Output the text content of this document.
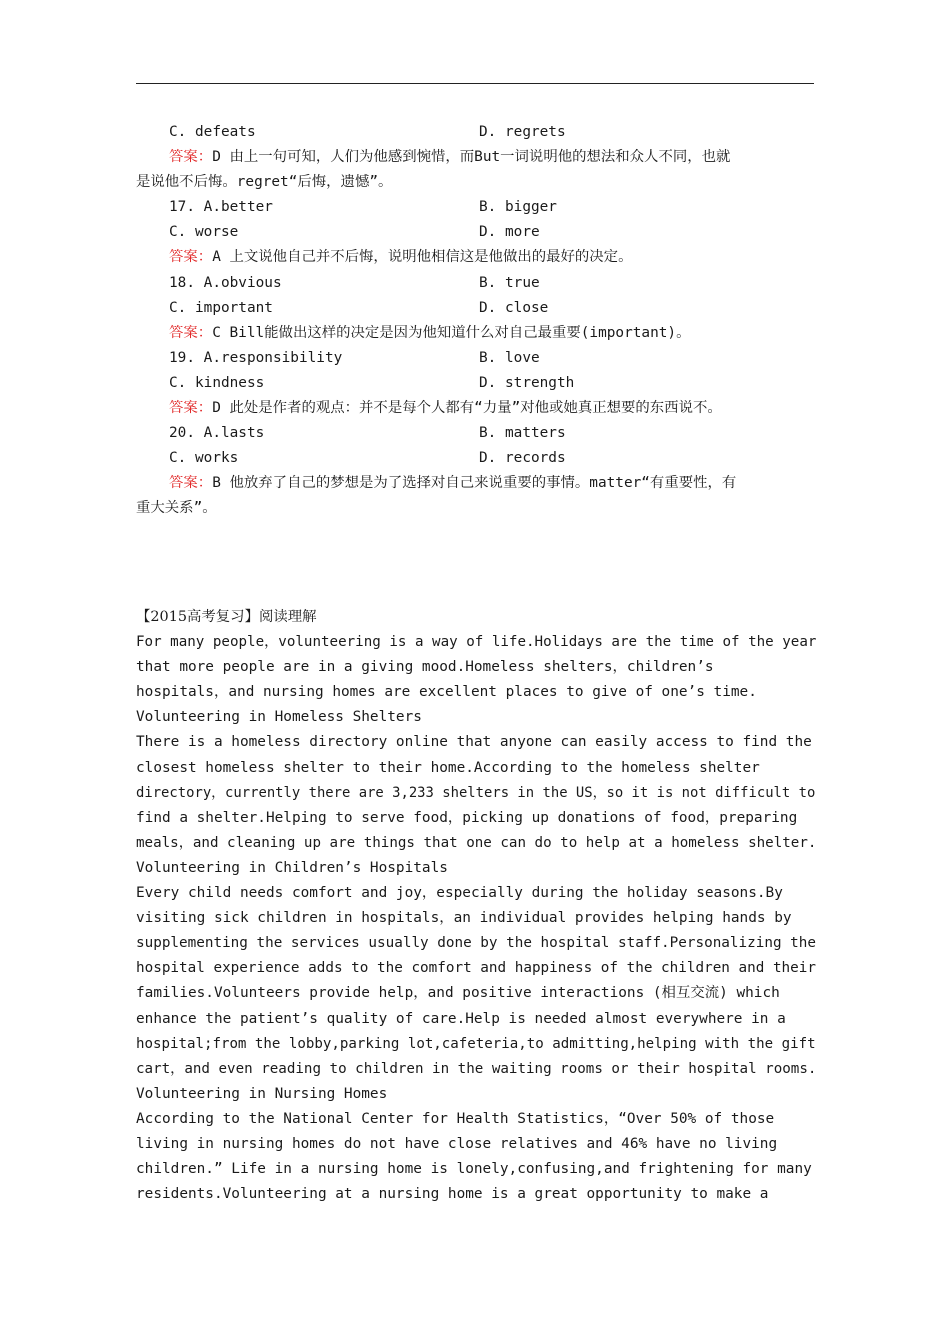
C. defeats	D. regrets
答案：D 由上一句可知，人们为他感到惋惜，而But一词说明他的想法和众人不同，也就
是说他不后悔。regret“后悔，遗憾”。
17. A.better	B. bigger
C. worse	D. more
答案：A 上文说他自己并不后悔，说明他相信这是他做出的最好的决定。
18. A.obvious	B. true
C. important	D. close
答案：C Bill能做出这样的决定是因为他知道什么对自己最重要(important)。
19. A.responsibility	B. love
C. kindness	D. strength
答案：D 此处是作者的观点：并不是每个人都有“力量”对他或她真正想要的东西说不。
20. A.lasts	B. matters
C. works	D. records
答案：B 他放弃了自己的梦想是为了选择对自己来说重要的事情。matter“有重要性，有
重大关系”。
【2015高考复习】阅读理解
For many people，volunteering is a way of life.Holidays are the time of the year
that more people are in a giving mood.Homeless shelters，children’s
hospitals，and nursing homes are excellent places to give of one’s time.
Volunteering in Homeless Shelters
There is a homeless directory online that anyone can easily access to find the
closest homeless shelter to their home.According to the homeless shelter
directory，currently there are 3,233 shelters in the US，so it is not difficult to
find a shelter.Helping to serve food，picking up donations of food，preparing
meals，and cleaning up are things that one can do to help at a homeless shelter.
Volunteering in Children’s Hospitals
Every child needs comfort and joy，especially during the holiday seasons.By
visiting sick children in hospitals，an individual provides helping hands by
supplementing the services usually done by the hospital staff.Personalizing the
hospital experience adds to the comfort and happiness of the children and their
families.Volunteers provide help，and positive interactions (相互交流) which
enhance the patient’s quality of care.Help is needed almost everywhere in a
hospital;from the lobby,parking lot,cafeteria,to admitting,helping with the gift
cart，and even reading to children in the waiting rooms or their hospital rooms.
Volunteering in Nursing Homes
According to the National Center for Health Statistics，“Over 50% of those
living in nursing homes do not have close relatives and 46% have no living
children.” Life in a nursing home is lonely,confusing,and frightening for many
residents.Volunteering at a nursing home is a great opportunity to make a
